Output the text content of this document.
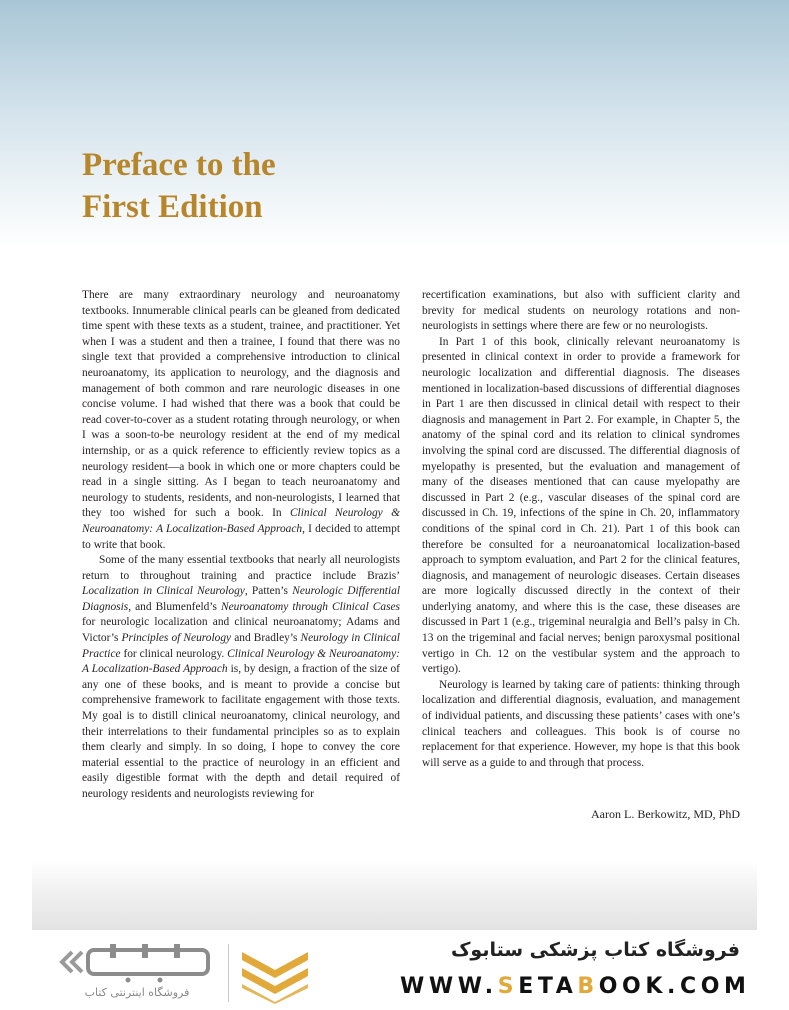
Preface to the
First Edition

There are many extraordinary neurology and neuroanatomy textbooks. Innumerable clinical pearls can be gleaned from dedicated time spent with these texts as a student, trainee, and practitioner. Yet when I was a student and then a trainee, I found that there was no single text that provided a comprehensive introduction to clinical neuroanatomy, its application to neurology, and the diagnosis and management of both common and rare neurologic diseases in one concise volume. I had wished that there was a book that could be read cover-to-cover as a student rotating through neurology, or when I was a soon-to-be neurology resident at the end of my medical internship, or as a quick reference to efficiently review topics as a neurology resident—a book in which one or more chapters could be read in a single sitting. As I began to teach neuroanatomy and neurology to students, residents, and non-neurologists, I learned that they too wished for such a book. In Clinical Neurology & Neuroanatomy: A Localization-Based Approach, I decided to attempt to write that book.

Some of the many essential textbooks that nearly all neurologists return to throughout training and practice include Brazis’ Localization in Clinical Neurology, Patten’s Neurologic Differential Diagnosis, and Blumenfeld’s Neuroanatomy through Clinical Cases for neurologic localization and clinical neuroanatomy; Adams and Victor’s Principles of Neurology and Bradley’s Neurology in Clinical Practice for clinical neurology. Clinical Neurology & Neuroanatomy: A Localization-Based Approach is, by design, a fraction of the size of any one of these books, and is meant to provide a concise but comprehensive framework to facilitate engagement with those texts. My goal is to distill clinical neuroanatomy, clinical neurology, and their interrelations to their fundamental principles so as to explain them clearly and simply. In so doing, I hope to convey the core material essential to the practice of neurology in an efficient and easily digestible format with the depth and detail required of neurology residents and neurologists reviewing for

recertification examinations, but also with sufficient clarity and brevity for medical students on neurology rotations and non-neurologists in settings where there are few or no neurologists.

In Part 1 of this book, clinically relevant neuroanatomy is presented in clinical context in order to provide a framework for neurologic localization and differential diagnosis. The diseases mentioned in localization-based discussions of differential diagnoses in Part 1 are then discussed in clinical detail with respect to their diagnosis and management in Part 2. For example, in Chapter 5, the anatomy of the spinal cord and its relation to clinical syndromes involving the spinal cord are discussed. The differential diagnosis of myelopathy is presented, but the evaluation and management of many of the diseases mentioned that can cause myelopathy are discussed in Part 2 (e.g., vascular diseases of the spinal cord are discussed in Ch. 19, infections of the spine in Ch. 20, inflammatory conditions of the spinal cord in Ch. 21). Part 1 of this book can therefore be consulted for a neuroanatomical localization-based approach to symptom evaluation, and Part 2 for the clinical features, diagnosis, and management of neurologic diseases. Certain diseases are more logically discussed directly in the context of their underlying anatomy, and where this is the case, these diseases are discussed in Part 1 (e.g., trigeminal neuralgia and Bell’s palsy in Ch. 13 on the trigeminal and facial nerves; benign paroxysmal positional vertigo in Ch. 12 on the vestibular system and the approach to vertigo).

Neurology is learned by taking care of patients: thinking through localization and differential diagnosis, evaluation, and management of individual patients, and discussing these patients’ cases with one’s clinical teachers and colleagues. This book is of course no replacement for that experience. However, my hope is that this book will serve as a guide to and through that process.

Aaron L. Berkowitz, MD, PhD
فروشگاه اینترنتی کتاب
فروشگاه کتاب پزشکی ستابوک
WWW.SETABOOK.COM
